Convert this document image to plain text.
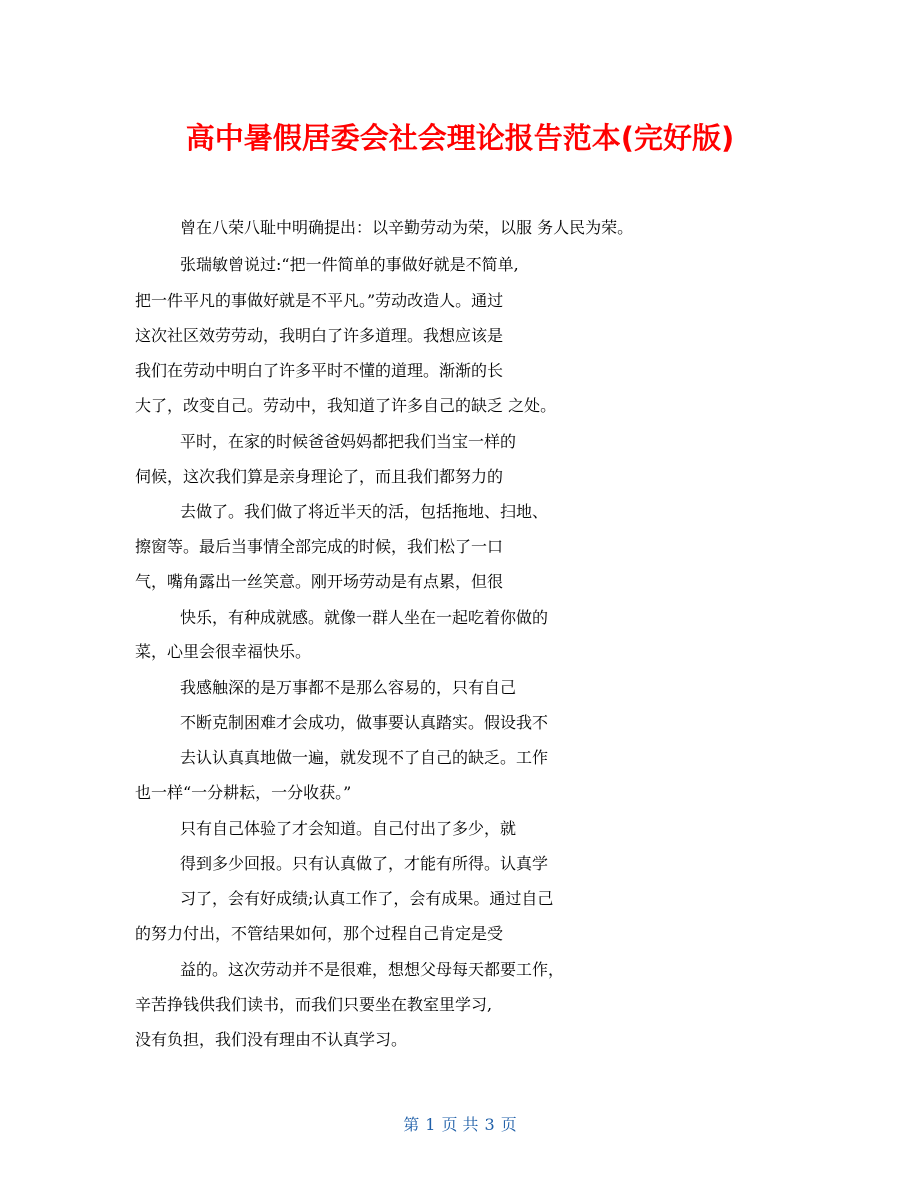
高中暑假居委会社会理论报告范本(完好版)
曾在八荣八耻中明确提出：以辛勤劳动为荣，以服 务人民为荣。
张瑞敏曾说过:“把一件简单的事做好就是不简单,
把一件平凡的事做好就是不平凡。”劳动改造人。通过
这次社区效劳劳动，我明白了许多道理。我想应该是
我们在劳动中明白了许多平时不懂的道理。渐渐的长
大了，改变自己。劳动中，我知道了许多自己的缺乏 之处。
平时，在家的时候爸爸妈妈都把我们当宝一样的
伺候，这次我们算是亲身理论了，而且我们都努力的
去做了。我们做了将近半天的活，包括拖地、扫地、
擦窗等。最后当事情全部完成的时候，我们松了一口
气，嘴角露出一丝笑意。刚开场劳动是有点累，但很
快乐，有种成就感。就像一群人坐在一起吃着你做的
菜，心里会很幸福快乐。
我感触深的是万事都不是那么容易的，只有自己
不断克制困难才会成功，做事要认真踏实。假设我不
去认认真真地做一遍，就发现不了自己的缺乏。工作
也一样“一分耕耘，一分收获。”
只有自己体验了才会知道。自己付出了多少，就
得到多少回报。只有认真做了，才能有所得。认真学
习了，会有好成绩;认真工作了，会有成果。通过自己
的努力付出，不管结果如何，那个过程自己肯定是受
益的。这次劳动并不是很难，想想父母每天都要工作，
辛苦挣钱供我们读书，而我们只要坐在教室里学习,
没有负担，我们没有理由不认真学习。
第 1 页 共 3 页
